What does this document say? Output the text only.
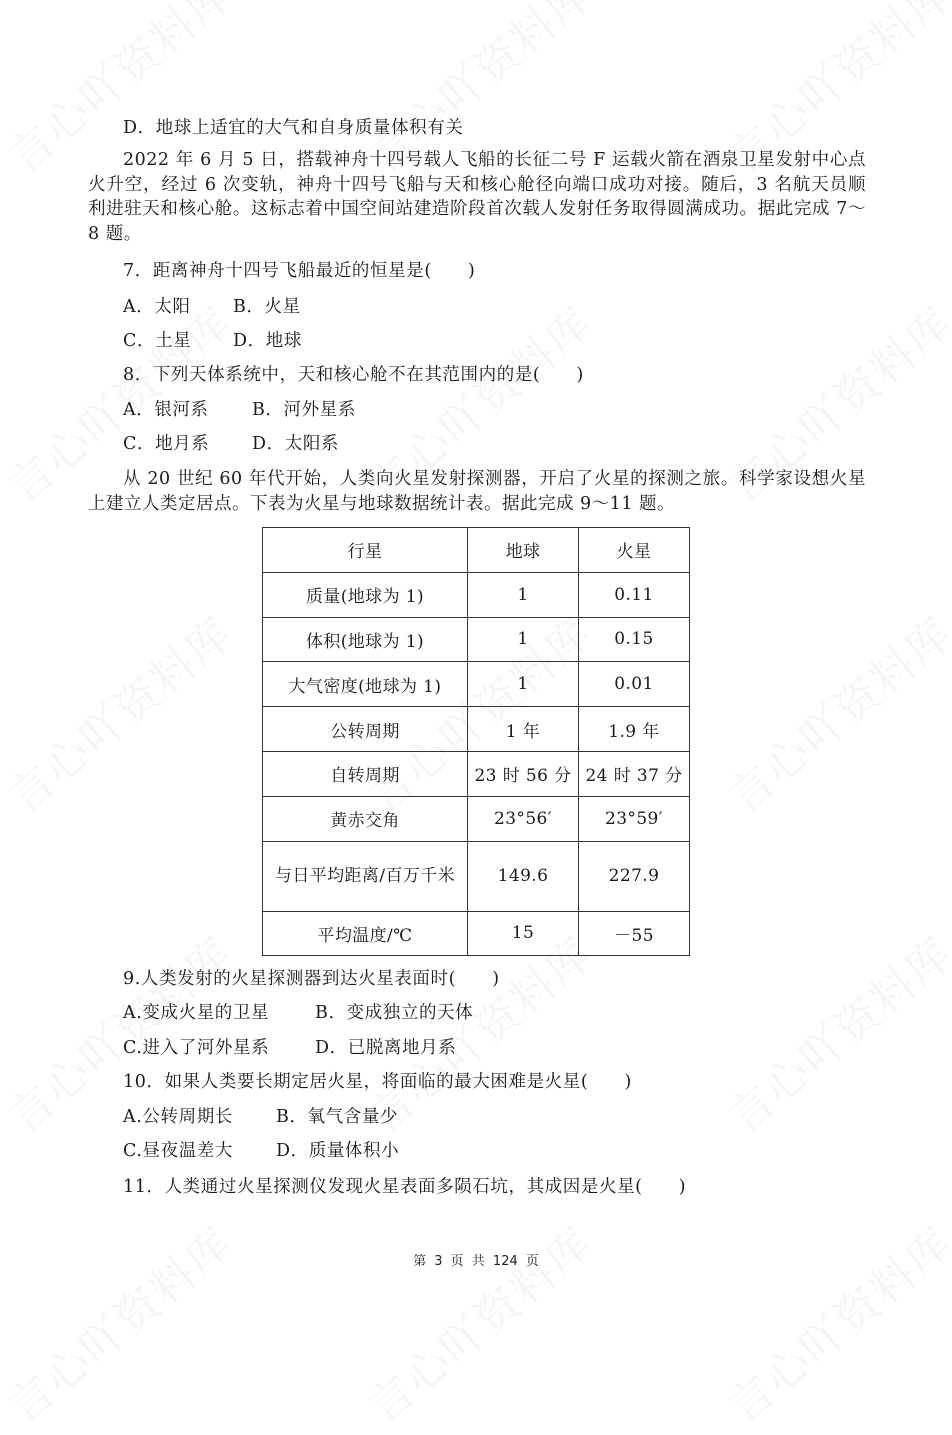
D．地球上适宜的大气和自身质量体积有关

2022 年 6 月 5 日，搭载神舟十四号载人飞船的长征二号 F 运载火箭在酒泉卫星发射中心点火升空，经过 6 次变轨，神舟十四号飞船与天和核心舱径向端口成功对接。随后，3 名航天员顺利进驻天和核心舱。这标志着中国空间站建造阶段首次载人发射任务取得圆满成功。据此完成 7～8 题。

7．距离神舟十四号飞船最近的恒星是(　　)
A．太阳 B．火星
C．土星 D．地球
8．下列天体系统中，天和核心舱不在其范围内的是(　　)
A．银河系 B．河外星系
C．地月系 D．太阳系

从 20 世纪 60 年代开始，人类向火星发射探测器，开启了火星的探测之旅。科学家设想火星上建立人类定居点。下表为火星与地球数据统计表。据此完成 9～11 题。

行星	地球	火星
质量(地球为 1)	1	0.11
体积(地球为 1)	1	0.15
大气密度(地球为 1)	1	0.01
公转周期	1 年	1.9 年
自转周期	23 时 56 分	24 时 37 分
黄赤交角	23°56′	23°59′
与日平均距离/百万千米	149.6	227.9
平均温度/℃	15	－55
9.人类发射的火星探测器到达火星表面时(　　)
A.变成火星的卫星	B．变成独立的天体
C.进入了河外星系	D．已脱离地月系
10．如果人类要长期定居火星，将面临的最大困难是火星(　　)
A.公转周期长 B．氧气含量少
C.昼夜温差大 D．质量体积小
11．人类通过火星探测仪发现火星表面多陨石坑，其成因是火星(　　)
第 3 页 共 124 页
